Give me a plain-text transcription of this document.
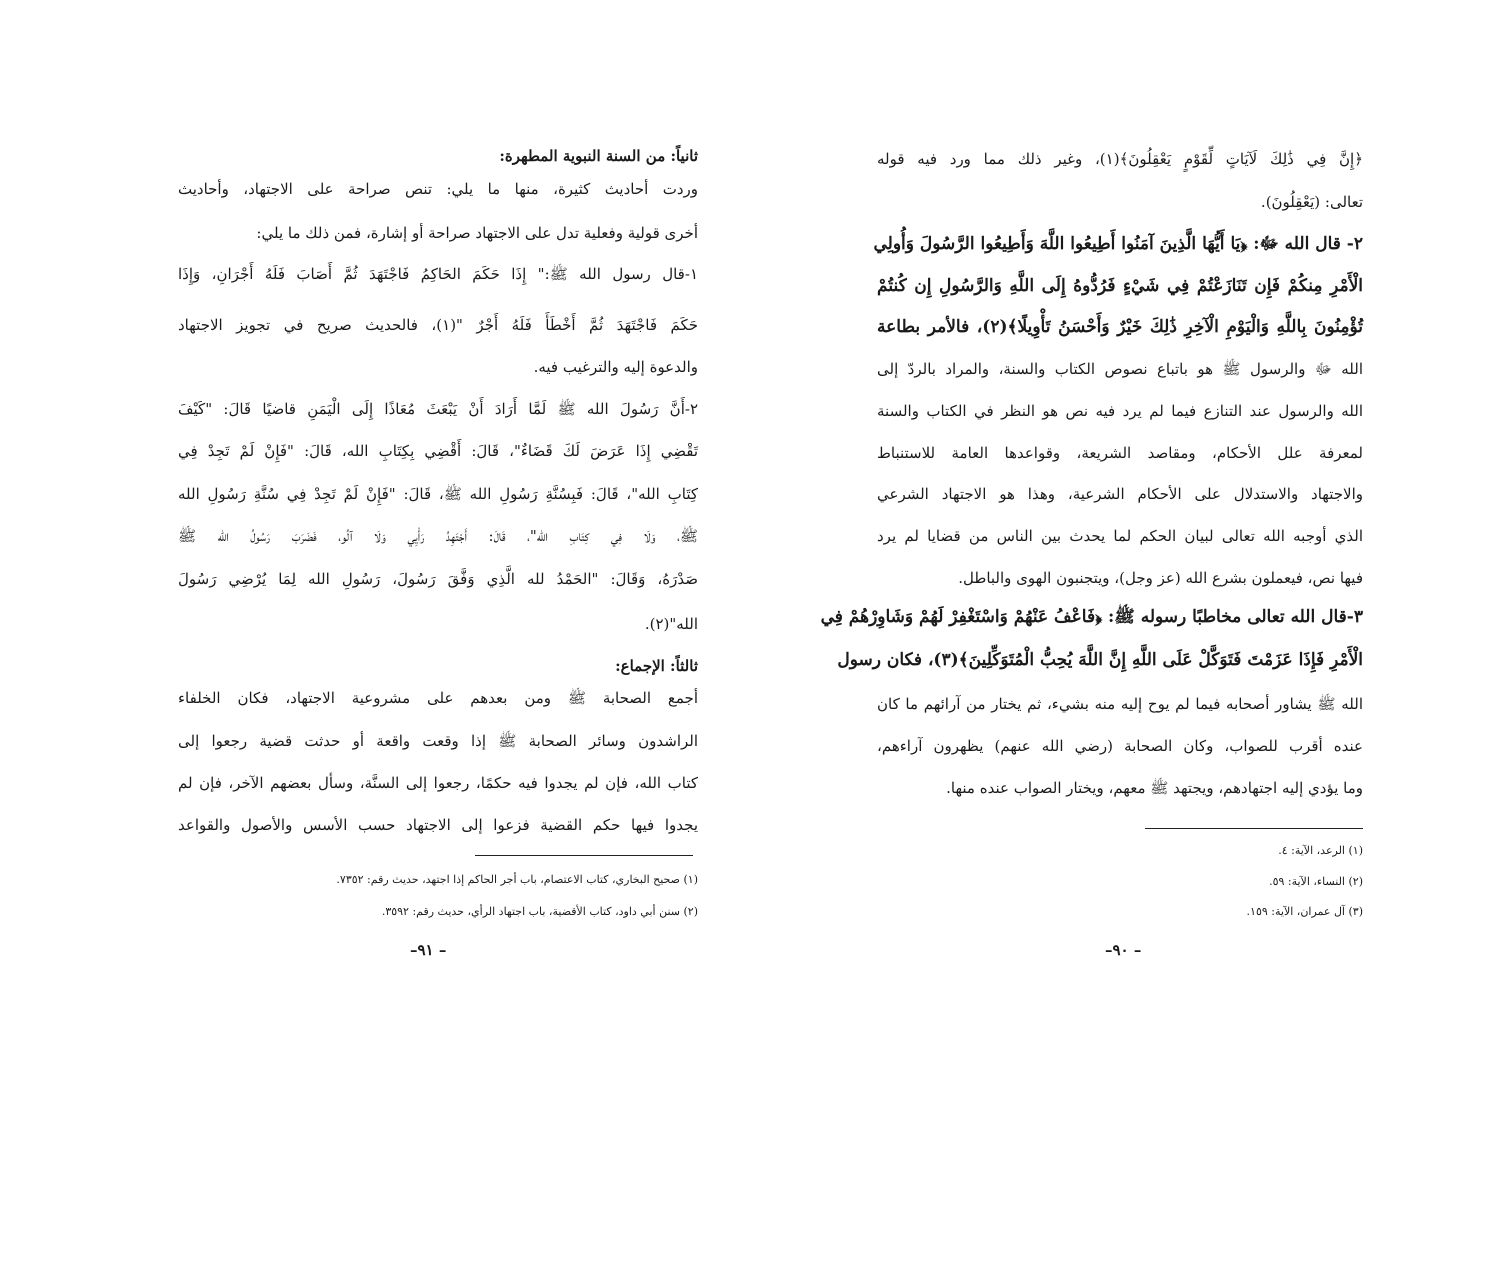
ثانياً: من السنة النبوية المطهرة:
وردت أحاديث كثيرة، منها ما يلي: تنص صراحة على الاجتهاد، وأحاديث
أخرى قولية وفعلية تدل على الاجتهاد صراحة أو إشارة، فمن ذلك ما يلي:
١-قال رسول الله ﷺ:" إِذَا حَكَمَ الحَاكِمُ فَاجْتَهَدَ ثُمَّ أَصَابَ فَلَهُ أَجْرَانِ، وَإِذَا
حَكَمَ فَاجْتَهَدَ ثُمَّ أَخْطَأَ فَلَهُ أَجْرٌ "(١)، فالحديث صريح في تجويز الاجتهاد
والدعوة إليه والترغيب فيه.
٢-أَنَّ رَسُولَ الله ﷺ لَمَّا أَرَادَ أَنْ يَبْعَثَ مُعَاذًا إِلَى الْيَمَنِ قاضيًا قَالَ: "كَيْفَ
تَقْضِي إِذَا عَرَضَ لَكَ قَضَاءٌ"، قَالَ: أَقْضِي بِكِتَابِ الله، قَالَ: "فَإِنْ لَمْ تَجِدْ فِي
كِتَابِ الله"، قَالَ: فَبِسُنَّةِ رَسُولِ الله ﷺ، قَالَ: "فَإِنْ لَمْ تَجِدْ فِي سُنَّةِ رَسُولِ الله
ﷺ، وَلَا فِي كِتَابِ الله"، قَالَ: أَجْتَهِدُ رَأْيِي وَلَا آلُو، فَضَرَبَ رَسُولُ الله ﷺ
صَدْرَهُ، وَقَالَ: "الحَمْدُ لله الَّذِي وَفَّقَ رَسُولَ، رَسُولِ الله لِمَا يُرْضِي رَسُولَ
الله"(٢).
ثالثاً: الإجماع:
أجمع الصحابة ﷺ ومن بعدهم على مشروعية الاجتهاد، فكان الخلفاء
الراشدون وسائر الصحابة ﷺ إذا وقعت واقعة أو حدثت قضية رجعوا إلى
كتاب الله، فإن لم يجدوا فيه حكمًا، رجعوا إلى السنَّة، وسأل بعضهم الآخر، فإن لم
يجدوا فيها حكم القضية فزعوا إلى الاجتهاد حسب الأسس والأصول والقواعد
(١) صحيح البخاري، كتاب الاعتصام، باب أجر الحاكم إذا اجتهد، حديث رقم: ٧٣٥٢.
(٢) سنن أبي داود، كتاب الأقضية، باب اجتهاد الرأي، حديث رقم: ٣٥٩٢.
–٩١ –
﴿إِنَّ فِي ذَٰلِكَ لَآيَاتٍ لِّقَوْمٍ يَعْقِلُونَ﴾(١)، وغير ذلك مما ورد فيه قوله
تعالى: (يَعْقِلُونَ).
٢- قال الله ﷻ: ﴿يَا أَيُّهَا الَّذِينَ آمَنُوا أَطِيعُوا اللَّهَ وَأَطِيعُوا الرَّسُولَ وَأُولِي
الْأَمْرِ مِنكُمْ فَإِن تَنَازَعْتُمْ فِي شَيْءٍ فَرُدُّوهُ إِلَى اللَّهِ وَالرَّسُولِ إِن كُنتُمْ
تُؤْمِنُونَ بِاللَّهِ وَالْيَوْمِ الْآخِرِ ذَٰلِكَ خَيْرٌ وَأَحْسَنُ تَأْوِيلًا﴾(٢)، فالأمر بطاعة
الله ﷻ والرسول ﷺ هو باتباع نصوص الكتاب والسنة، والمراد بالردّ إلى
الله والرسول عند التنازع فيما لم يرد فيه نص هو النظر في الكتاب والسنة
لمعرفة علل الأحكام، ومقاصد الشريعة، وقواعدها العامة للاستنباط
والاجتهاد والاستدلال على الأحكام الشرعية، وهذا هو الاجتهاد الشرعي
الذي أوجبه الله تعالى لبيان الحكم لما يحدث بين الناس من قضايا لم يرد
فيها نص، فيعملون بشرع الله (عز وجل)، ويتجنبون الهوى والباطل.
٣-قال الله تعالى مخاطبًا رسوله ﷺ: ﴿فَاعْفُ عَنْهُمْ وَاسْتَغْفِرْ لَهُمْ وَشَاوِرْهُمْ فِي
الْأَمْرِ فَإِذَا عَزَمْتَ فَتَوَكَّلْ عَلَى اللَّهِ إِنَّ اللَّهَ يُحِبُّ الْمُتَوَكِّلِينَ﴾(٣)، فكان رسول
الله ﷺ يشاور أصحابه فيما لم يوح إليه منه بشيء، ثم يختار من آرائهم ما كان
عنده أقرب للصواب، وكان الصحابة (رضي الله عنهم) يظهرون آراءهم،
وما يؤدي إليه اجتهادهم، ويجتهد ﷺ معهم، ويختار الصواب عنده منها.
(١) الرعد، الآية: ٤.
(٢) النساء، الآية: ٥٩.
(٣) آل عمران، الآية: ١٥٩.
–٩٠ –
